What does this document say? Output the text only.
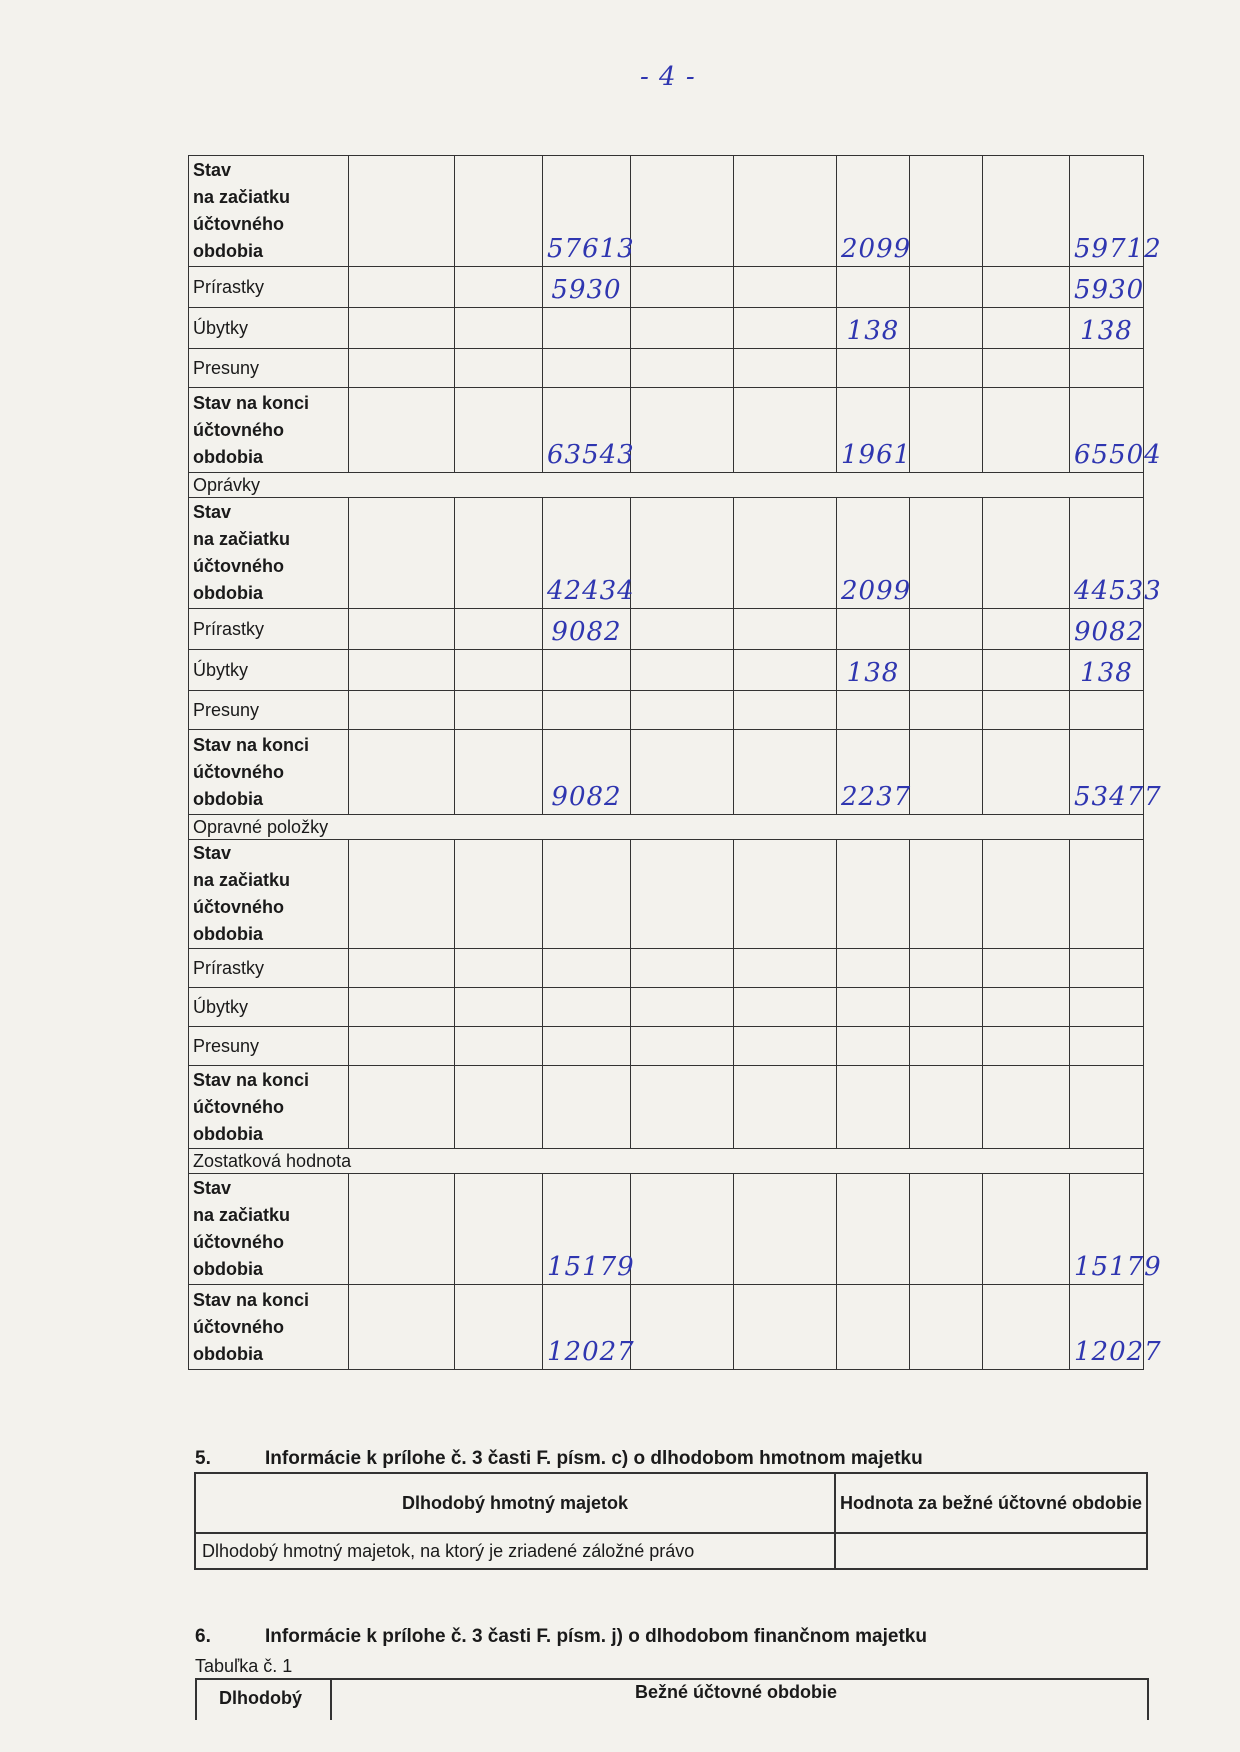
- 4 -
Stav
na začiatku
účtovného
obdobia			57613			2099			59712
Prírastky			5930						5930
Úbytky						138			138
Presuny									
Stav na konci
účtovného
obdobia			63543			1961			65504
Oprávky									
Stav
na začiatku
účtovného
obdobia			42434			2099			44533
Prírastky			9082						9082
Úbytky						138			138
Presuny									
Stav na konci
účtovného
obdobia			9082			2237			53477
Opravné položky									
Stav
na začiatku
účtovného
obdobia									
Prírastky									
Úbytky									
Presuny									
Stav na konci
účtovného
obdobia									
Zostatková hodnota									
Stav
na začiatku
účtovného
obdobia			15179						15179
Stav na konci
účtovného
obdobia			12027						12027
5.	Informácie k prílohe č. 3 časti F. písm. c) o dlhodobom hmotnom majetku
Dlhodobý hmotný majetok	Hodnota za bežné účtovné obdobie
Dlhodobý hmotný majetok, na ktorý je zriadené záložné právo	
6.	Informácie k prílohe č. 3 časti F. písm. j) o dlhodobom finančnom majetku
Tabuľka č. 1
Dlhodobý	Bežné účtovné obdobie
